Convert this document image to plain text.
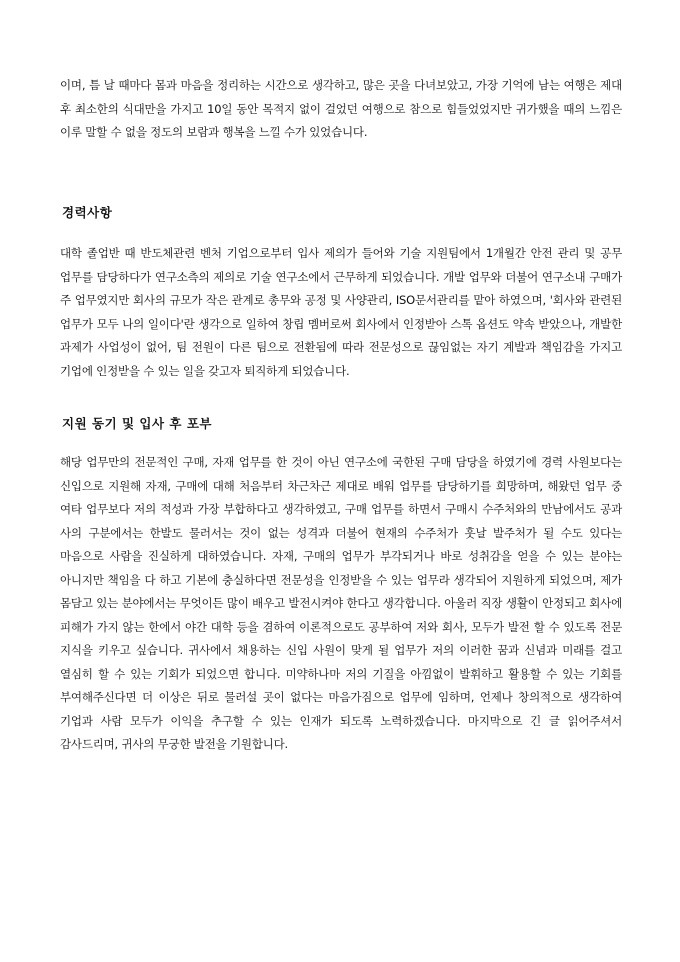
이며, 틈 날 때마다 몸과 마음을 정리하는 시간으로 생각하고, 많은 곳을 다녀보았고, 가장 기억에 남는 여행은 제대 후 최소한의 식대만을 가지고 10일 동안 목적지 없이 걸었던 여행으로 참으로 힘들었었지만 귀가했을 때의 느낌은 이루 말할 수 없을 정도의 보람과 행복을 느낄 수가 있었습니다.

경력사항

대학 졸업반 때 반도체관련 벤처 기업으로부터 입사 제의가 들어와 기술 지원팀에서 1개월간 안전 관리 및 공무 업무를 담당하다가 연구소측의 제의로 기술 연구소에서 근무하게 되었습니다. 개발 업무와 더불어 연구소내 구매가 주 업무였지만 회사의 규모가 작은 관계로 총무와 공정 및 사양관리, ISO문서관리를 맡아 하였으며, '회사와 관련된 업무가 모두 나의 일이다'란 생각으로 일하여 창립 멤버로써 회사에서 인정받아 스톡 옵션도 약속 받았으나, 개발한 과제가 사업성이 없어, 팀 전원이 다른 팀으로 전환됨에 따라 전문성으로 끊임없는 자기 계발과 책임감을 가지고 기업에 인정받을 수 있는 일을 갖고자 퇴직하게 되었습니다.

지원 동기 및 입사 후 포부

해당 업무만의 전문적인 구매, 자재 업무를 한 것이 아닌 연구소에 국한된 구매 담당을 하였기에 경력 사원보다는 신입으로 지원해 자재, 구매에 대해 처음부터 차근차근 제대로 배워 업무를 담당하기를 희망하며, 해왔던 업무 중 여타 업무보다 저의 적성과 가장 부합하다고 생각하였고, 구매 업무를 하면서 구매시 수주처와의 만남에서도 공과 사의 구분에서는 한발도 물러서는 것이 없는 성격과 더불어 현재의 수주처가 훗날 발주처가 될 수도 있다는 마음으로 사람을 진실하게 대하였습니다. 자재, 구매의 업무가 부각되거나 바로 성취감을 얻을 수 있는 분야는 아니지만 책임을 다 하고 기본에 충실하다면 전문성을 인정받을 수 있는 업무라 생각되어 지원하게 되었으며, 제가 몸담고 있는 분야에서는 무엇이든 많이 배우고 발전시켜야 한다고 생각합니다. 아울러 직장 생활이 안정되고 회사에 피해가 가지 않는 한에서 야간 대학 등을 겸하여 이론적으로도 공부하여 저와 회사, 모두가 발전 할 수 있도록 전문 지식을 키우고 싶습니다. 귀사에서 채용하는 신입 사원이 맞게 될 업무가 저의 이러한 꿈과 신념과 미래를 걸고 열심히 할 수 있는 기회가 되었으면 합니다. 미약하나마 저의 기질을 아낌없이 발휘하고 활용할 수 있는 기회를 부여해주신다면 더 이상은 뒤로 물러설 곳이 없다는 마음가짐으로 업무에 임하며, 언제나 창의적으로 생각하여 기업과 사람 모두가 이익을 추구할 수 있는 인재가 되도록 노력하겠습니다. 마지막으로 긴 글 읽어주셔서 감사드리며, 귀사의 무궁한 발전을 기원합니다.
